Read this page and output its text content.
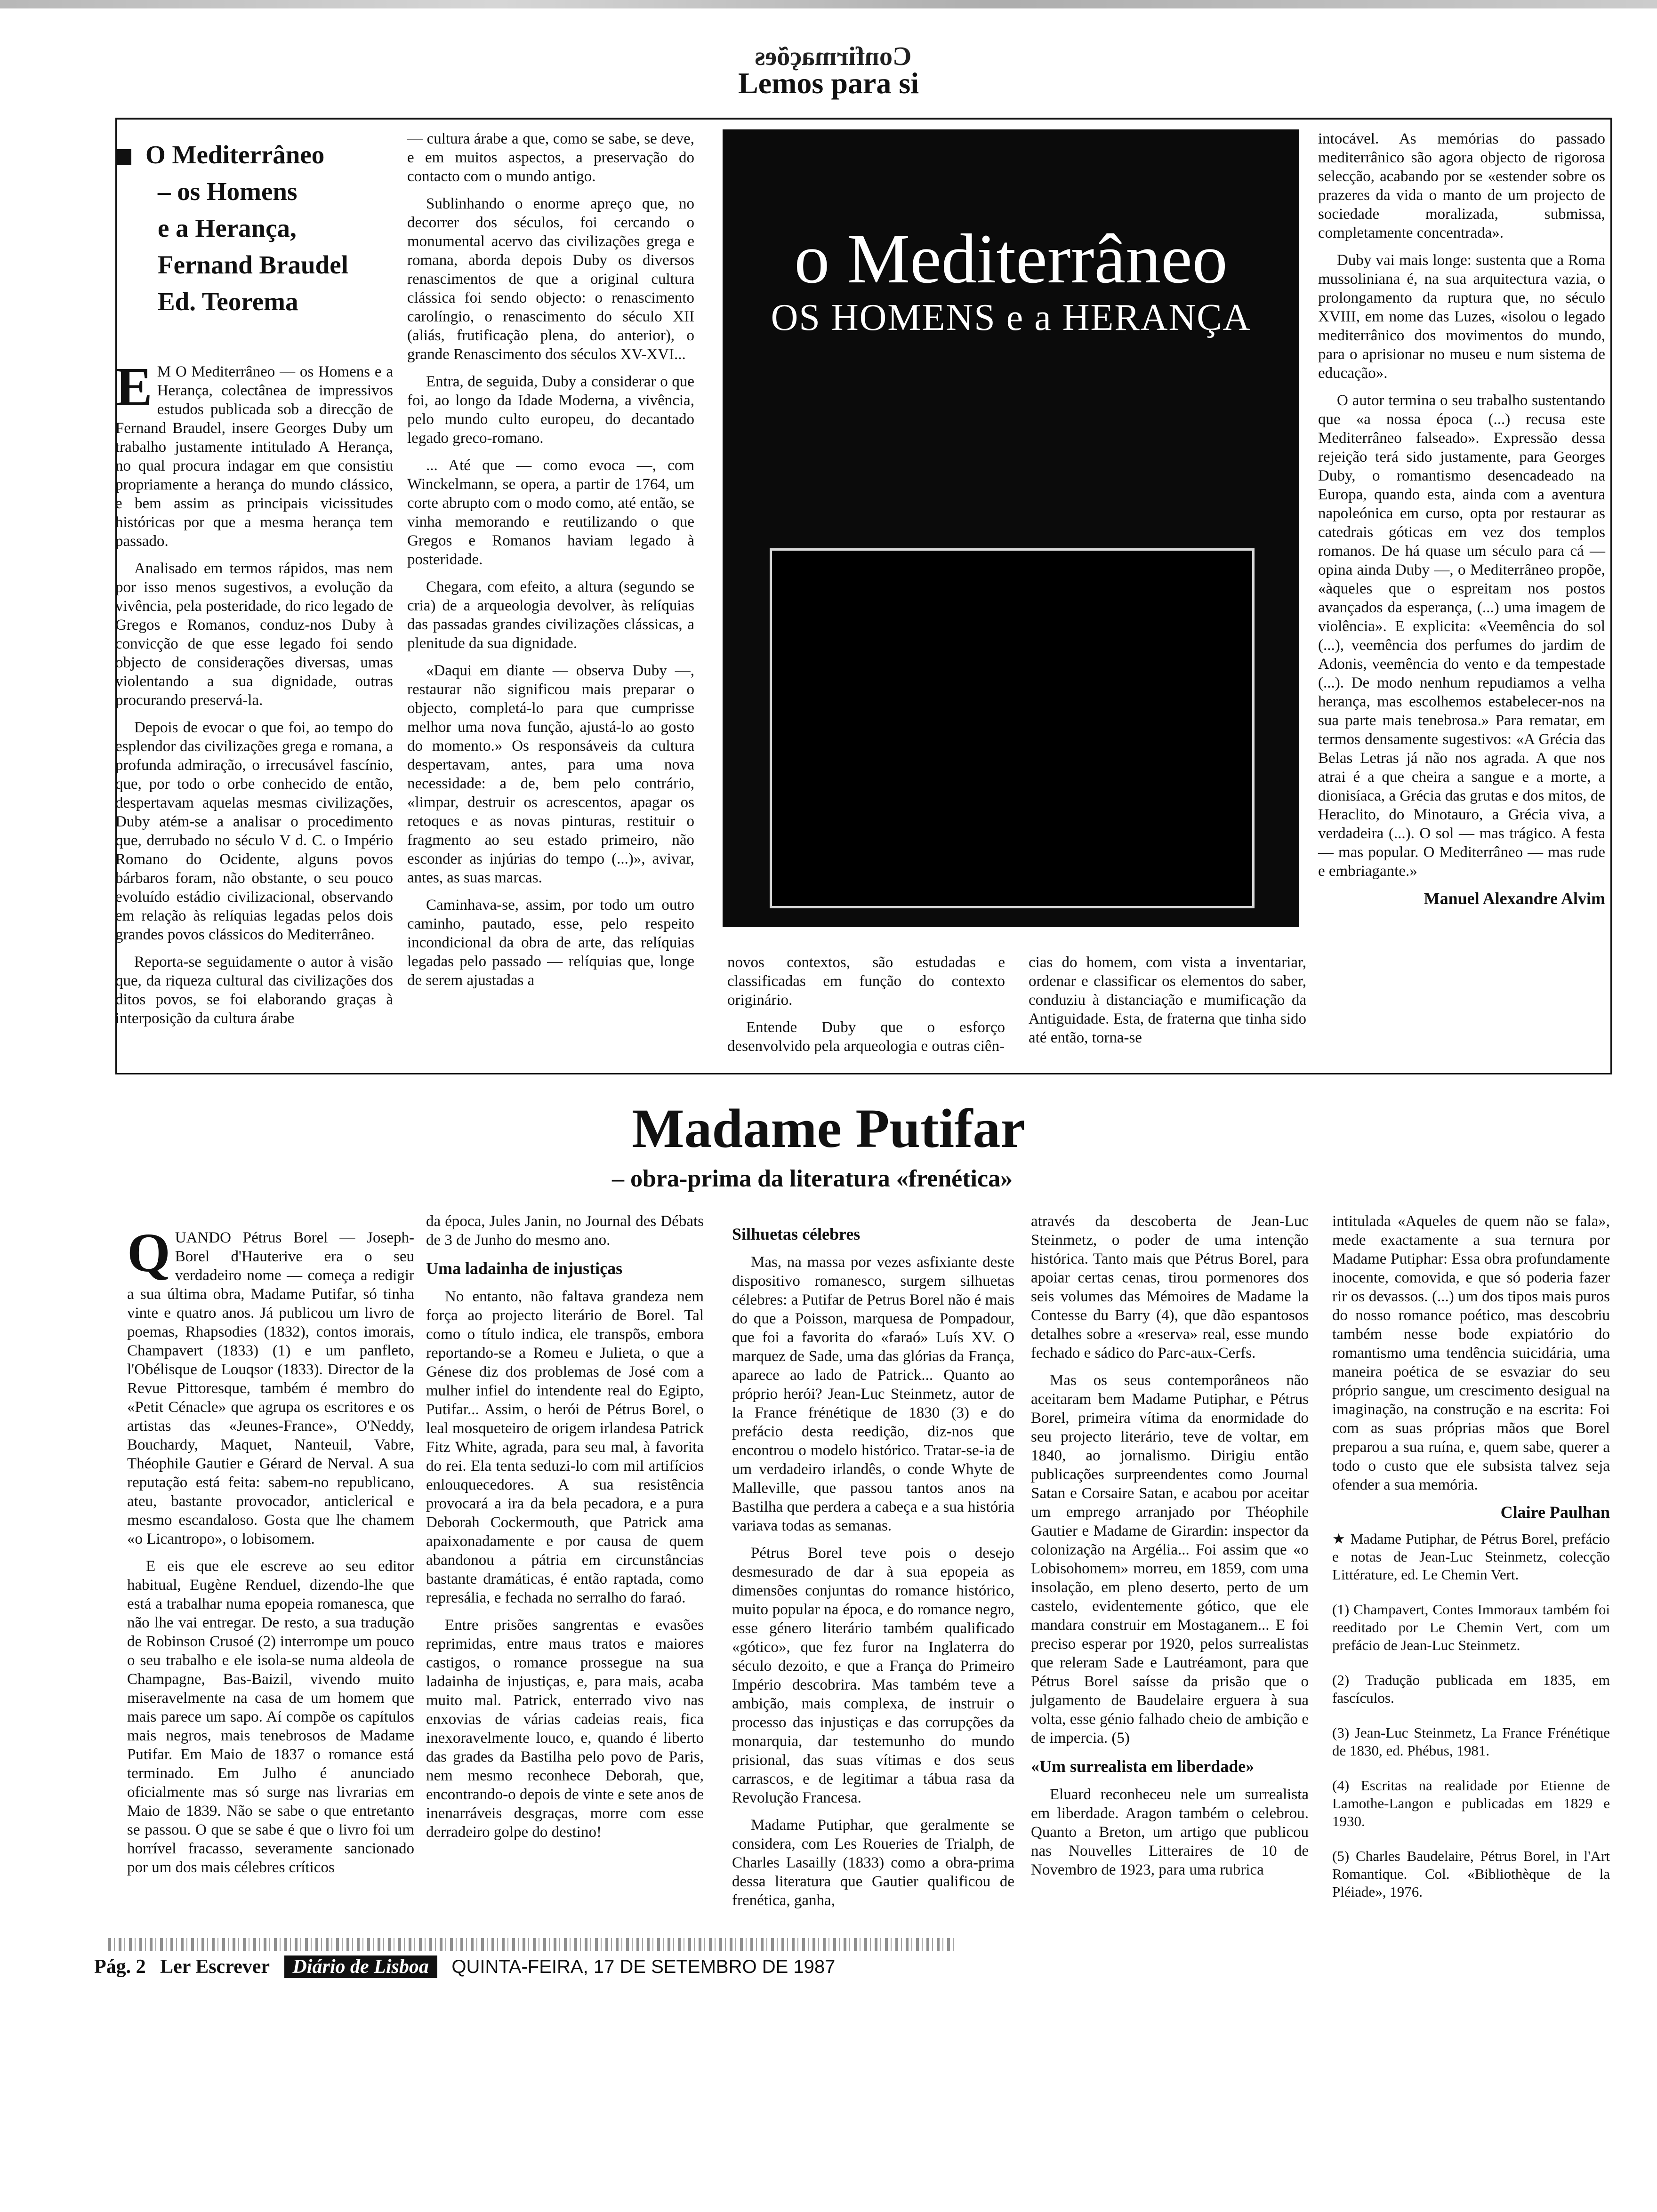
Confirmações
Lemos para si
O Mediterrâneo
– os Homens
e a Herança,
Fernand Braudel
Ed. Teorema

E M O Mediterrâneo — os Homens e a Herança, colectânea de impressivos estudos publicada sob a direcção de Fernand Braudel, insere Georges Duby um trabalho justamente intitulado A Herança, no qual procura indagar em que consistiu propriamente a herança do mundo clássico, e bem assim as principais vicissitudes históricas por que a mesma herança tem passado.

Analisado em termos rápidos, mas nem por isso menos sugestivos, a evolução da vivência, pela posteridade, do rico legado de Gregos e Romanos, conduz-nos Duby à convicção de que esse legado foi sendo objecto de considerações diversas, umas violentando a sua dignidade, outras procurando preservá-la.

Depois de evocar o que foi, ao tempo do esplendor das civilizações grega e romana, a profunda admiração, o irrecusável fascínio, que, por todo o orbe conhecido de então, despertavam aquelas mesmas civilizações, Duby atém-se a analisar o procedimento que, derrubado no século V d. C. o Império Romano do Ocidente, alguns povos bárbaros foram, não obstante, o seu pouco evoluído estádio civilizacional, observando em relação às relíquias legadas pelos dois grandes povos clássicos do Mediterrâneo.

Reporta-se seguidamente o autor à visão que, da riqueza cultural das civilizações dos ditos povos, se foi elaborando graças à interposição da cultura árabe

— cultura árabe a que, como se sabe, se deve, e em muitos aspectos, a preservação do contacto com o mundo antigo.

Sublinhando o enorme apreço que, no decorrer dos séculos, foi cercando o monumental acervo das civilizações grega e romana, aborda depois Duby os diversos renascimentos de que a original cultura clássica foi sendo objecto: o renascimento carolíngio, o renascimento do século XII (aliás, frutificação plena, do anterior), o grande Renascimento dos séculos XV-XVI...

Entra, de seguida, Duby a considerar o que foi, ao longo da Idade Moderna, a vivência, pelo mundo culto europeu, do decantado legado greco-romano.

... Até que — como evoca —, com Winckelmann, se opera, a partir de 1764, um corte abrupto com o modo como, até então, se vinha memorando e reutilizando o que Gregos e Romanos haviam legado à posteridade.

Chegara, com efeito, a altura (segundo se cria) de a arqueologia devolver, às relíquias das passadas grandes civilizações clássicas, a plenitude da sua dignidade.

«Daqui em diante — observa Duby —, restaurar não significou mais preparar o objecto, completá-lo para que cumprisse melhor uma nova função, ajustá-lo ao gosto do momento.» Os responsáveis da cultura despertavam, antes, para uma nova necessidade: a de, bem pelo contrário, «limpar, destruir os acrescentos, apagar os retoques e as novas pinturas, restituir o fragmento ao seu estado primeiro, não esconder as injúrias do tempo (...)», avivar, antes, as suas marcas.

Caminhava-se, assim, por todo um outro caminho, pautado, esse, pelo respeito incondicional da obra de arte, das relíquias legadas pelo passado — relíquias que, longe de serem ajustadas a

o Mediterrâneo
OS HOMENS e a HERANÇA

novos contextos, são estudadas e classificadas em função do contexto originário.

Entende Duby que o esforço desenvolvido pela arqueologia e outras ciên-

cias do homem, com vista a inventariar, ordenar e classificar os elementos do saber, conduziu à distanciação e mumificação da Antiguidade. Esta, de fraterna que tinha sido até então, torna-se

intocável. As memórias do passado mediterrânico são agora objecto de rigorosa selecção, acabando por se «estender sobre os prazeres da vida o manto de um projecto de sociedade moralizada, submissa, completamente concentrada».

Duby vai mais longe: sustenta que a Roma mussoliniana é, na sua arquitectura vazia, o prolongamento da ruptura que, no século XVIII, em nome das Luzes, «isolou o legado mediterrânico dos movimentos do mundo, para o aprisionar no museu e num sistema de educação».

O autor termina o seu trabalho sustentando que «a nossa época (...) recusa este Mediterrâneo falseado». Expressão dessa rejeição terá sido justamente, para Georges Duby, o romantismo desencadeado na Europa, quando esta, ainda com a aventura napoleónica em curso, opta por restaurar as catedrais góticas em vez dos templos romanos. De há quase um século para cá — opina ainda Duby —, o Mediterrâneo propõe, «àqueles que o espreitam nos postos avançados da esperança, (...) uma imagem de violência». E explicita: «Veemência do sol (...), veemência dos perfumes do jardim de Adonis, veemência do vento e da tempestade (...). De modo nenhum repudiamos a velha herança, mas escolhemos estabelecer-nos na sua parte mais tenebrosa.» Para rematar, em termos densamente sugestivos: «A Grécia das Belas Letras já não nos agrada. A que nos atrai é a que cheira a sangue e a morte, a dionisíaca, a Grécia das grutas e dos mitos, de Heraclito, do Minotauro, a Grécia viva, a verdadeira (...). O sol — mas trágico. A festa — mas popular. O Mediterrâneo — mas rude e embriagante.»

Manuel Alexandre Alvim

Madame Putifar
– obra-prima da literatura «frenética»

QUANDO Pétrus Borel — Joseph-Borel d'Hauterive era o seu verdadeiro nome — começa a redigir a sua última obra, Madame Putifar, só tinha vinte e quatro anos. Já publicou um livro de poemas, Rhapsodies (1832), contos imorais, Champavert (1833) (1) e um panfleto, l'Obélisque de Louqsor (1833). Director de la Revue Pittoresque, também é membro do «Petit Cénacle» que agrupa os escritores e os artistas das «Jeunes-France», O'Neddy, Bouchardy, Maquet, Nanteuil, Vabre, Théophile Gautier e Gérard de Nerval. A sua reputação está feita: sabem-no republicano, ateu, bastante provocador, anticlerical e mesmo escandaloso. Gosta que lhe chamem «o Licantropo», o lobisomem.

E eis que ele escreve ao seu editor habitual, Eugène Renduel, dizendo-lhe que está a trabalhar numa epopeia romanesca, que não lhe vai entregar. De resto, a sua tradução de Robinson Crusoé (2) interrompe um pouco o seu trabalho e ele isola-se numa aldeola de Champagne, Bas-Baizil, vivendo muito miseravelmente na casa de um homem que mais parece um sapo. Aí compõe os capítulos mais negros, mais tenebrosos de Madame Putifar. Em Maio de 1837 o romance está terminado. Em Julho é anunciado oficialmente mas só surge nas livrarias em Maio de 1839. Não se sabe o que entretanto se passou. O que se sabe é que o livro foi um horrível fracasso, severamente sancionado por um dos mais célebres críticos

da época, Jules Janin, no Journal des Débats de 3 de Junho do mesmo ano.

Uma ladainha de injustiças

No entanto, não faltava grandeza nem força ao projecto literário de Borel. Tal como o título indica, ele transpõs, embora reportando-se a Romeu e Julieta, o que a Génese diz dos problemas de José com a mulher infiel do intendente real do Egipto, Putifar... Assim, o herói de Pétrus Borel, o leal mosqueteiro de origem irlandesa Patrick Fitz White, agrada, para seu mal, à favorita do rei. Ela tenta seduzi-lo com mil artifícios enlouquecedores. A sua resistência provocará a ira da bela pecadora, e a pura Deborah Cockermouth, que Patrick ama apaixonadamente e por causa de quem abandonou a pátria em circunstâncias bastante dramáticas, é então raptada, como represália, e fechada no serralho do faraó.

Entre prisões sangrentas e evasões reprimidas, entre maus tratos e maiores castigos, o romance prossegue na sua ladainha de injustiças, e, para mais, acaba muito mal. Patrick, enterrado vivo nas enxovias de várias cadeias reais, fica inexoravelmente louco, e, quando é liberto das grades da Bastilha pelo povo de Paris, nem mesmo reconhece Deborah, que, encontrando-o depois de vinte e sete anos de inenarráveis desgraças, morre com esse derradeiro golpe do destino!

Silhuetas célebres

Mas, na massa por vezes asfixiante deste dispositivo romanesco, surgem silhuetas célebres: a Putifar de Petrus Borel não é mais do que a Poisson, marquesa de Pompadour, que foi a favorita do «faraó» Luís XV. O marquez de Sade, uma das glórias da França, aparece ao lado de Patrick... Quanto ao próprio herói? Jean-Luc Steinmetz, autor de la France frénétique de 1830 (3) e do prefácio desta reedição, diz-nos que encontrou o modelo histórico. Tratar-se-ia de um verdadeiro irlandês, o conde Whyte de Malleville, que passou tantos anos na Bastilha que perdera a cabeça e a sua história variava todas as semanas.

Pétrus Borel teve pois o desejo desmesurado de dar à sua epopeia as dimensões conjuntas do romance histórico, muito popular na época, e do romance negro, esse género literário também qualificado «gótico», que fez furor na Inglaterra do século dezoito, e que a França do Primeiro Império descobrira. Mas também teve a ambição, mais complexa, de instruir o processo das injustiças e das corrupções da monarquia, dar testemunho do mundo prisional, das suas vítimas e dos seus carrascos, e de legitimar a tábua rasa da Revolução Francesa.

Madame Putiphar, que geralmente se considera, com Les Roueries de Trialph, de Charles Lasailly (1833) como a obra-prima dessa literatura que Gautier qualificou de frenética, ganha,

através da descoberta de Jean-Luc Steinmetz, o poder de uma intenção histórica. Tanto mais que Pétrus Borel, para apoiar certas cenas, tirou pormenores dos seis volumes das Mémoires de Madame la Contesse du Barry (4), que dão espantosos detalhes sobre a «reserva» real, esse mundo fechado e sádico do Parc-aux-Cerfs.

Mas os seus contemporâneos não aceitaram bem Madame Putiphar, e Pétrus Borel, primeira vítima da enormidade do seu projecto literário, teve de voltar, em 1840, ao jornalismo. Dirigiu então publicações surpreendentes como Journal Satan e Corsaire Satan, e acabou por aceitar um emprego arranjado por Théophile Gautier e Madame de Girardin: inspector da colonização na Argélia... Foi assim que «o Lobisohomem» morreu, em 1859, com uma insolação, em pleno deserto, perto de um castelo, evidentemente gótico, que ele mandara construir em Mostaganem... E foi preciso esperar por 1920, pelos surrealistas que releram Sade e Lautréamont, para que Pétrus Borel saísse da prisão que o julgamento de Baudelaire erguera à sua volta, esse génio falhado cheio de ambição e de impercia. (5)

«Um surrealista em liberdade»

Eluard reconheceu nele um surrealista em liberdade. Aragon também o celebrou. Quanto a Breton, um artigo que publicou nas Nouvelles Litteraires de 10 de Novembro de 1923, para uma rubrica

intitulada «Aqueles de quem não se fala», mede exactamente a sua ternura por Madame Putiphar: Essa obra profundamente inocente, comovida, e que só poderia fazer rir os devassos. (...) um dos tipos mais puros do nosso romance poético, mas descobriu também nesse bode expiatório do romantismo uma tendência suicidária, uma maneira poética de se esvaziar do seu próprio sangue, um crescimento desigual na imaginação, na construção e na escrita: Foi com as suas próprias mãos que Borel preparou a sua ruína, e, quem sabe, querer a todo o custo que ele subsista talvez seja ofender a sua memória.

Claire Paulhan

★ Madame Putiphar, de Pétrus Borel, prefácio e notas de Jean-Luc Steinmetz, colecção Littérature, ed. Le Chemin Vert.

(1) Champavert, Contes Immoraux também foi reeditado por Le Chemin Vert, com um prefácio de Jean-Luc Steinmetz.

(2) Tradução publicada em 1835, em fascículos.

(3) Jean-Luc Steinmetz, La France Frénétique de 1830, ed. Phébus, 1981.

(4) Escritas na realidade por Etienne de Lamothe-Langon e publicadas em 1829 e 1930.

(5) Charles Baudelaire, Pétrus Borel, in l'Art Romantique. Col. «Bibliothèque de la Pléiade», 1976.

Pág. 2 Ler Escrever Diário de Lisboa QUINTA-FEIRA, 17 DE SETEMBRO DE 1987
